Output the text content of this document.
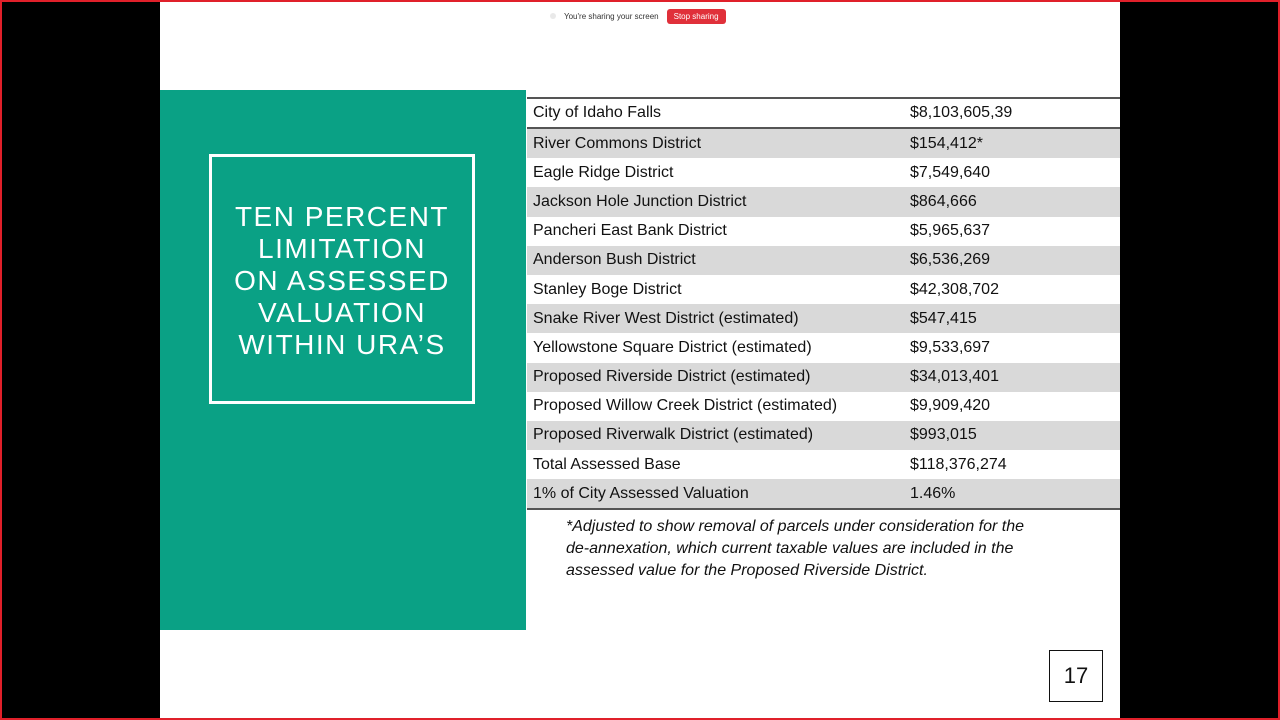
You're sharing your screen	Stop sharing
TEN PERCENT
LIMITATION
ON ASSESSED
VALUATION
WITHIN URA’S
City of Idaho Falls	$8,103,605,39
River Commons District	$154,412*
Eagle Ridge District	$7,549,640
Jackson Hole Junction District	$864,666
Pancheri East Bank District	$5,965,637
Anderson Bush District	$6,536,269
Stanley Boge District	$42,308,702
Snake River West District (estimated)	$547,415
Yellowstone Square District (estimated)	$9,533,697
Proposed Riverside District (estimated)	$34,013,401
Proposed Willow Creek District (estimated)	$9,909,420
Proposed Riverwalk District (estimated)	$993,015
Total Assessed Base	$118,376,274
1% of City Assessed Valuation	1.46%

*Adjusted to show removal of parcels under consideration for the
de-annexation, which current taxable values are included in the
assessed value for the Proposed Riverside District.

17
